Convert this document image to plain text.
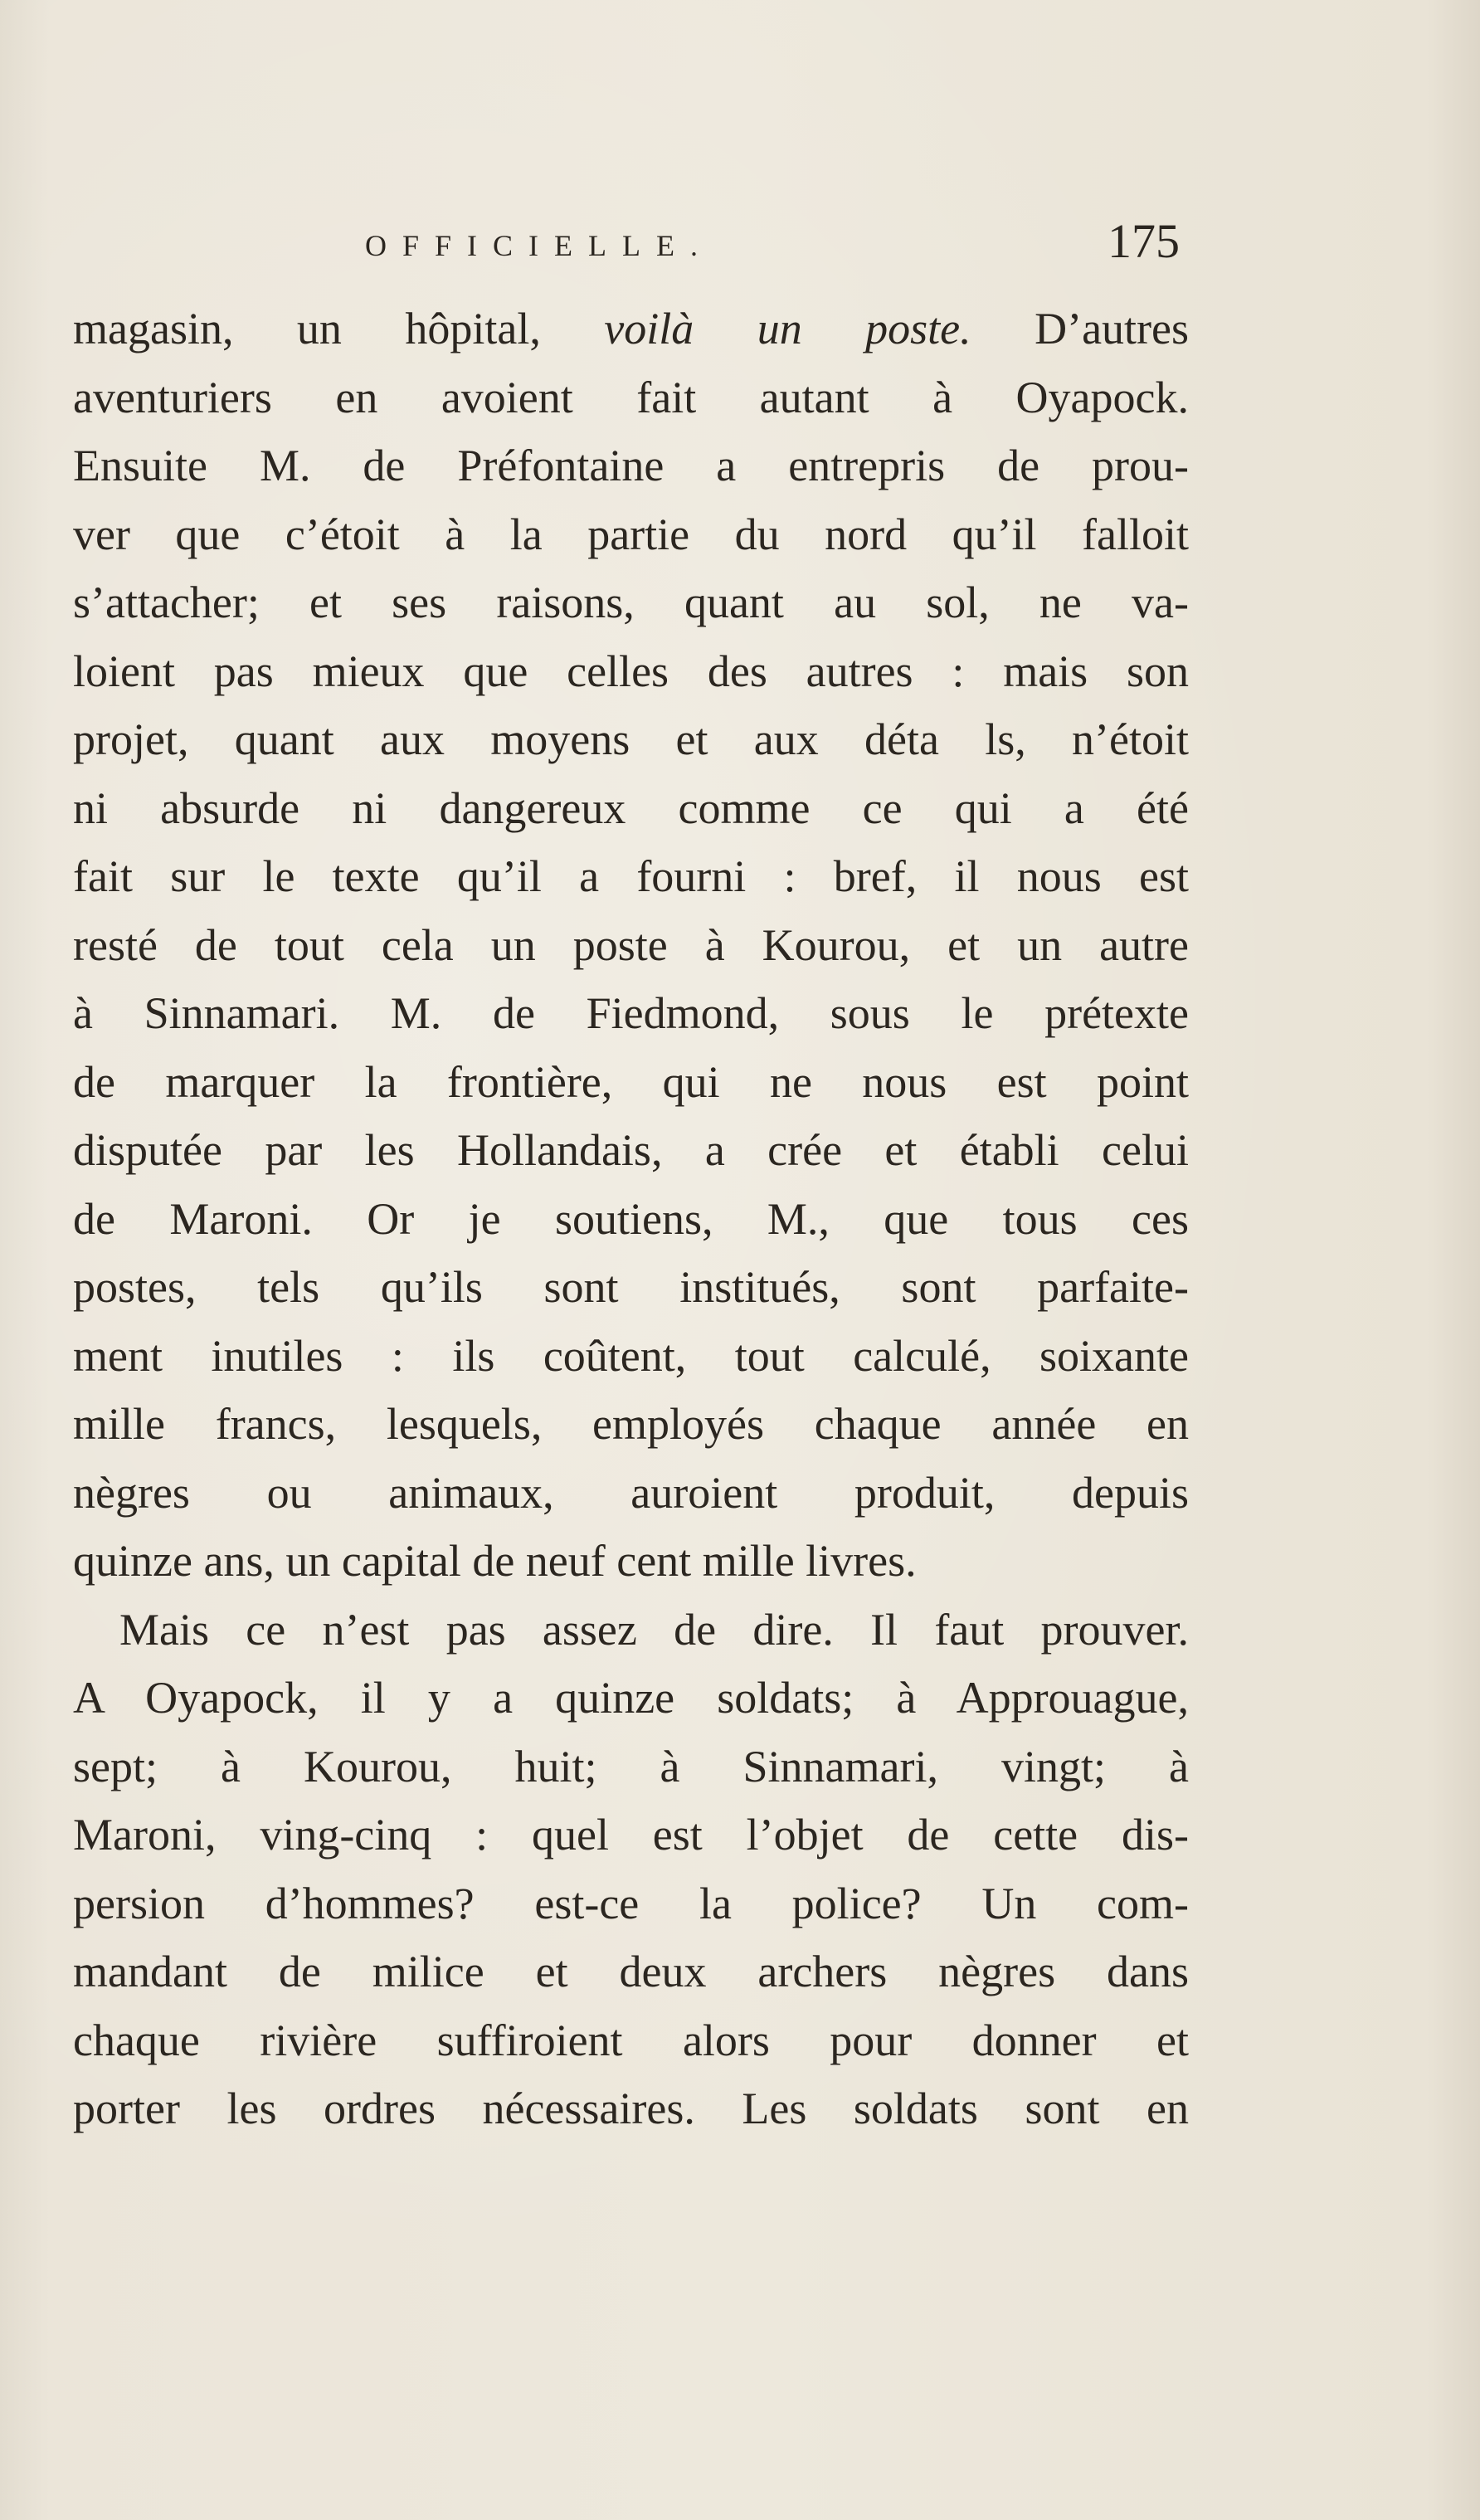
OFFICIELLE.	175
magasin, un hôpital, voilà un poste. D’autres
aventuriers en avoient fait autant à Oyapock.
Ensuite M. de Préfontaine a entrepris de prou-
ver que c’étoit à la partie du nord qu’il falloit
s’attacher; et ses raisons, quant au sol, ne va-
loient pas mieux que celles des autres : mais son
projet, quant aux moyens et aux déta ls, n’étoit
ni absurde ni dangereux comme ce qui a été
fait sur le texte qu’il a fourni : bref, il nous est
resté de tout cela un poste à Kourou, et un autre
à Sinnamari. M. de Fiedmond, sous le prétexte
de marquer la frontière, qui ne nous est point
disputée par les Hollandais, a crée et établi celui
de Maroni. Or je soutiens, M., que tous ces
postes, tels qu’ils sont institués, sont parfaite-
ment inutiles : ils coûtent, tout calculé, soixante
mille francs, lesquels, employés chaque année en
nègres ou animaux, auroient produit, depuis
quinze ans, un capital de neuf cent mille livres.
Mais ce n’est pas assez de dire. Il faut prouver.
A Oyapock, il y a quinze soldats; à Approuague,
sept; à Kourou, huit; à Sinnamari, vingt; à
Maroni, ving-cinq : quel est l’objet de cette dis-
persion d’hommes? est-ce la police? Un com-
mandant de milice et deux archers nègres dans
chaque rivière suffiroient alors pour donner et
porter les ordres nécessaires. Les soldats sont en
